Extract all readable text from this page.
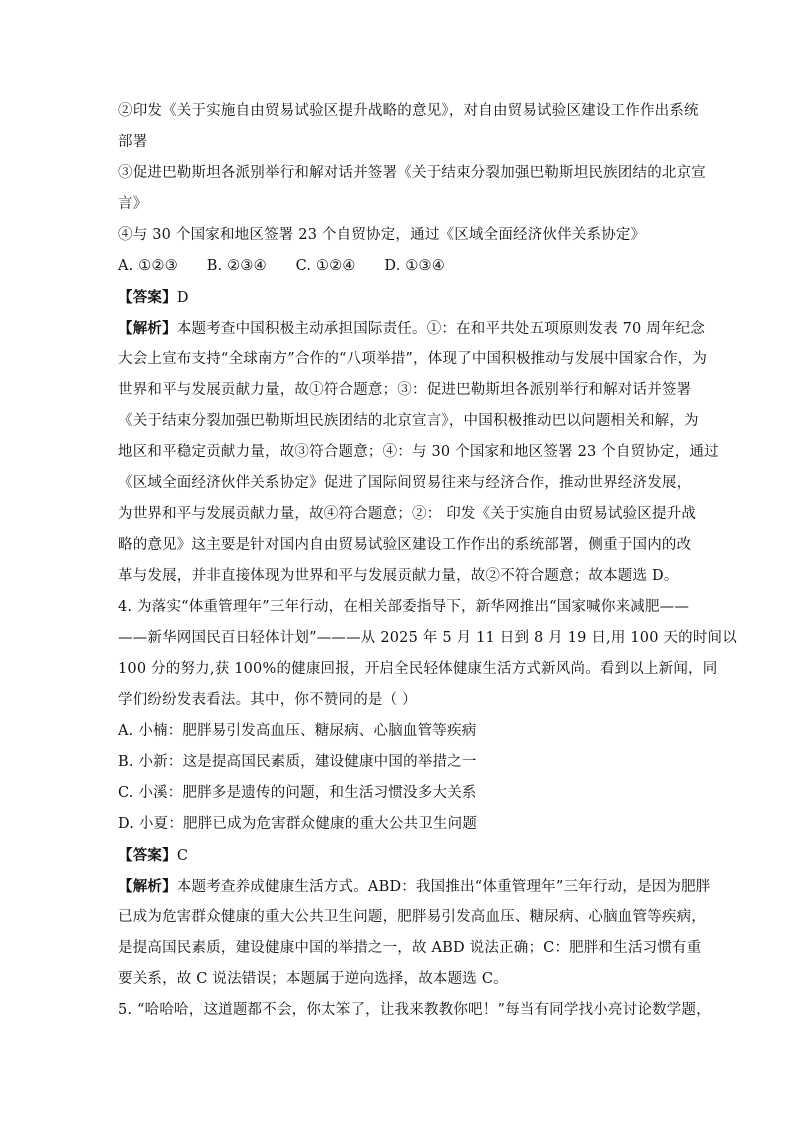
②印发《关于实施自由贸易试验区提升战略的意见》，对自由贸易试验区建设工作作出系统
部署
③促进巴勒斯坦各派别举行和解对话并签署《关于结束分裂加强巴勒斯坦民族团结的北京宣
言》
④与 30 个国家和地区签署 23 个自贸协定，通过《区域全面经济伙伴关系协定》
A. ①②③ B. ②③④ C. ①②④ D. ①③④
【答案】D
【解析】本题考查中国积极主动承担国际责任。①：在和平共处五项原则发表 70 周年纪念
大会上宣布支持“全球南方”合作的“八项举措”，体现了中国积极推动与发展中国家合作，为
世界和平与发展贡献力量，故①符合题意；③：促进巴勒斯坦各派别举行和解对话并签署
《关于结束分裂加强巴勒斯坦民族团结的北京宣言》，中国积极推动巴以问题相关和解，为
地区和平稳定贡献力量，故③符合题意；④：与 30 个国家和地区签署 23 个自贸协定，通过
《区域全面经济伙伴关系协定》促进了国际间贸易往来与经济合作，推动世界经济发展，
为世界和平与发展贡献力量，故④符合题意；②： 印发《关于实施自由贸易试验区提升战
略的意见》这主要是针对国内自由贸易试验区建设工作作出的系统部署，侧重于国内的改
革与发展，并非直接体现为世界和平与发展贡献力量，故②不符合题意；故本题选 D。
4. 为落实“体重管理年”三年行动，在相关部委指导下，新华网推出“国家喊你来减肥——
——新华网国民百日轻体计划”———从 2025 年 5 月 11 日到 8 月 19 日,用 100 天的时间以
100 分的努力,获 100%的健康回报，开启全民轻体健康生活方式新风尚。看到以上新闻，同
学们纷纷发表看法。其中，你不赞同的是（ ）
A. 小楠：肥胖易引发高血压、糖尿病、心脑血管等疾病
B. 小新：这是提高国民素质，建设健康中国的举措之一
C. 小溪：肥胖多是遗传的问题，和生活习惯没多大关系
D. 小夏：肥胖已成为危害群众健康的重大公共卫生问题
【答案】C
【解析】本题考查养成健康生活方式。ABD：我国推出“体重管理年”三年行动，是因为肥胖
已成为危害群众健康的重大公共卫生问题，肥胖易引发高血压、糖尿病、心脑血管等疾病，
是提高国民素质，建设健康中国的举措之一，故 ABD 说法正确；C：肥胖和生活习惯有重
要关系，故 C 说法错误；本题属于逆向选择，故本题选 C。
5. “哈哈哈，这道题都不会，你太笨了，让我来教教你吧！”每当有同学找小亮讨论数学题，
